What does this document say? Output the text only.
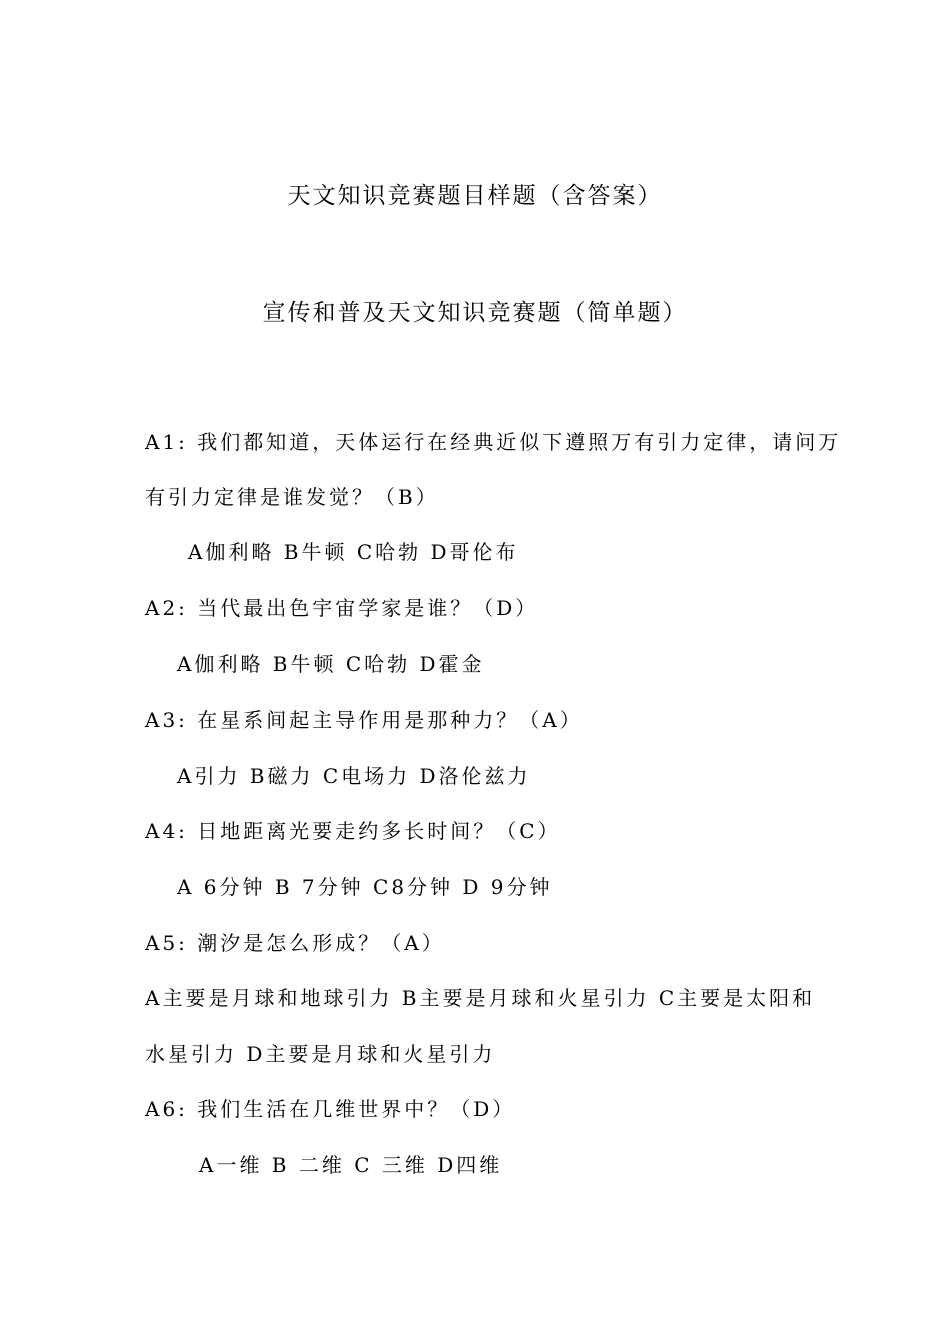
天文知识竞赛题目样题（含答案）
宣传和普及天文知识竞赛题（简单题）
A1: 我们都知道，天体运行在经典近似下遵照万有引力定律，请问万
有引力定律是谁发觉？（B）
A伽利略 B牛顿 C哈勃 D哥伦布
A2: 当代最出色宇宙学家是谁？（D）
A伽利略 B牛顿 C哈勃 D霍金
A3: 在星系间起主导作用是那种力？（A）
A引力 B磁力 C电场力 D洛伦兹力
A4: 日地距离光要走约多长时间？（C）
A 6分钟 B 7分钟 C8分钟 D 9分钟
A5: 潮汐是怎么形成？（A）
A主要是月球和地球引力 B主要是月球和火星引力 C主要是太阳和
水星引力 D主要是月球和火星引力
A6: 我们生活在几维世界中？（D）
A一维 B 二维 C 三维 D四维
